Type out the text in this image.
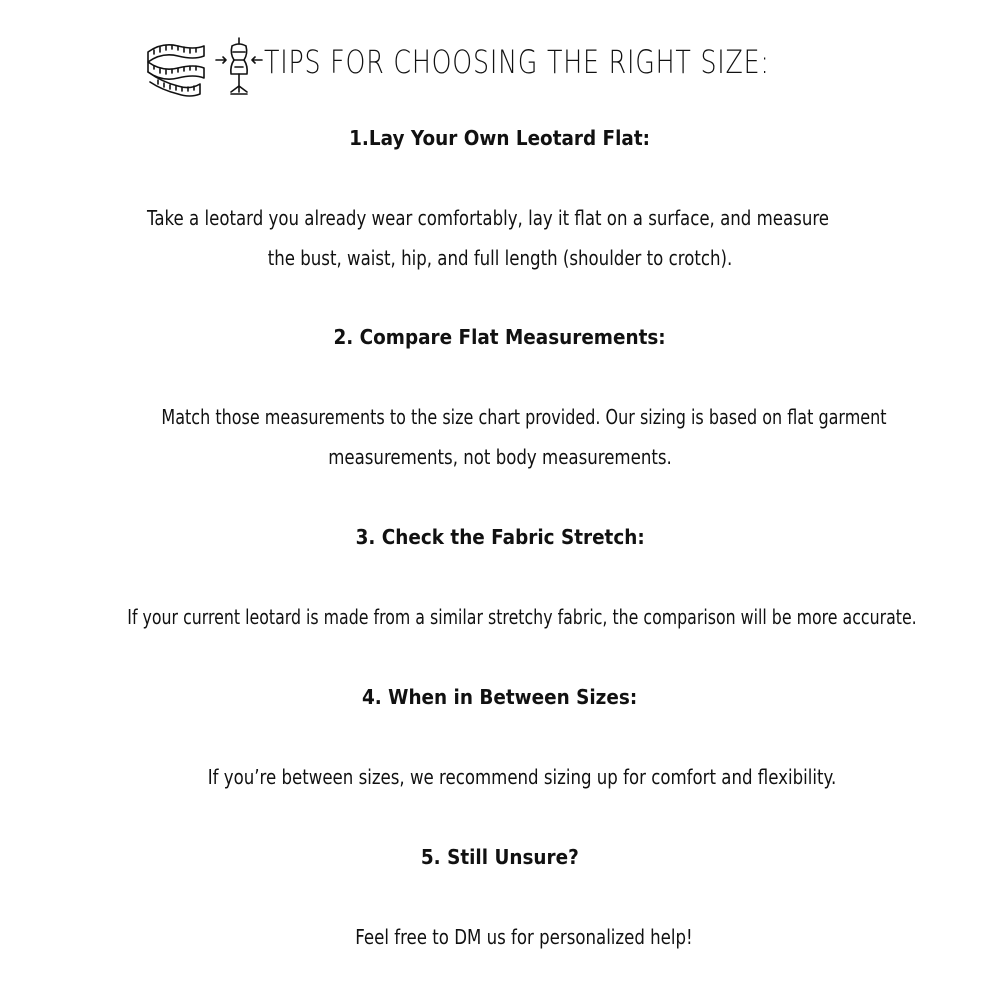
TIPS FOR CHOOSING THE RIGHT SIZE:
1.Lay Your Own Leotard Flat:
Take a leotard you already wear comfortably, lay it flat on a surface, and measure
the bust, waist, hip, and full length (shoulder to crotch).
2. Compare Flat Measurements:
Match those measurements to the size chart provided. Our sizing is based on flat garment
measurements, not body measurements.
3. Check the Fabric Stretch:
If your current leotard is made from a similar stretchy fabric, the comparison will be more accurate.
4. When in Between Sizes:
If you’re between sizes, we recommend sizing up for comfort and flexibility.
5. Still Unsure?
Feel free to DM us for personalized help!
